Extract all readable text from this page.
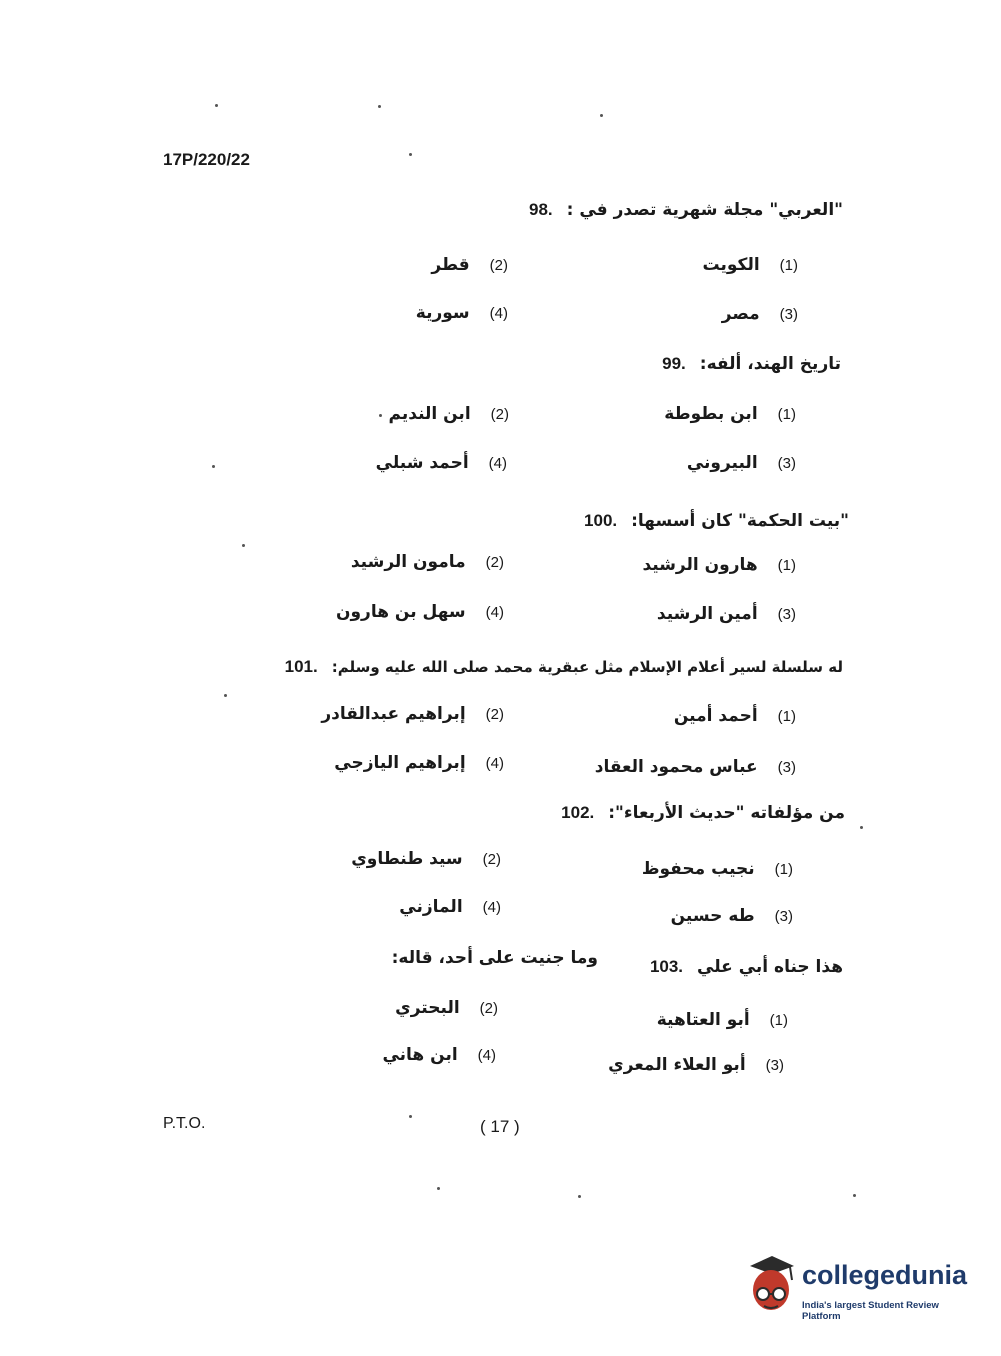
17P/220/22
98. "العربي" مجلة شهرية تصدر في :
(1)
الكويت
(2)
قطر
(3)
مصر
(4)
سورية
99. تاريخ الهند، ألفه:
(1)
ابن بطوطة
(2)
ابن النديم
(3)
البيروني
(4)
أحمد شبلي
100. "بيت الحكمة" كان أسسها:
(1)
هارون الرشيد
(2)
مامون الرشيد
(3)
أمين الرشيد
(4)
سهل بن هارون
101. له سلسلة لسير أعلام الإسلام مثل عبقرية محمد صلى الله عليه وسلم:
(1)
أحمد أمين
(2)
إبراهيم عبدالقادر
(3)
عباس محمود العقاد
(4)
إبراهيم اليازجي
102. من مؤلفاته "حديث الأربعاء":
(1)
نجيب محفوظ
(2)
سيد طنطاوي
(3)
طه حسين
(4)
المازني
103. هذا جناه أبي علي
وما جنيت على أحد، قاله:
(1)
أبو العتاهية
(2)
البحتري
(3)
أبو العلاء المعري
(4)
ابن هاني
P.T.O.	( 17 )
collegedunia
India's largest Student Review Platform
